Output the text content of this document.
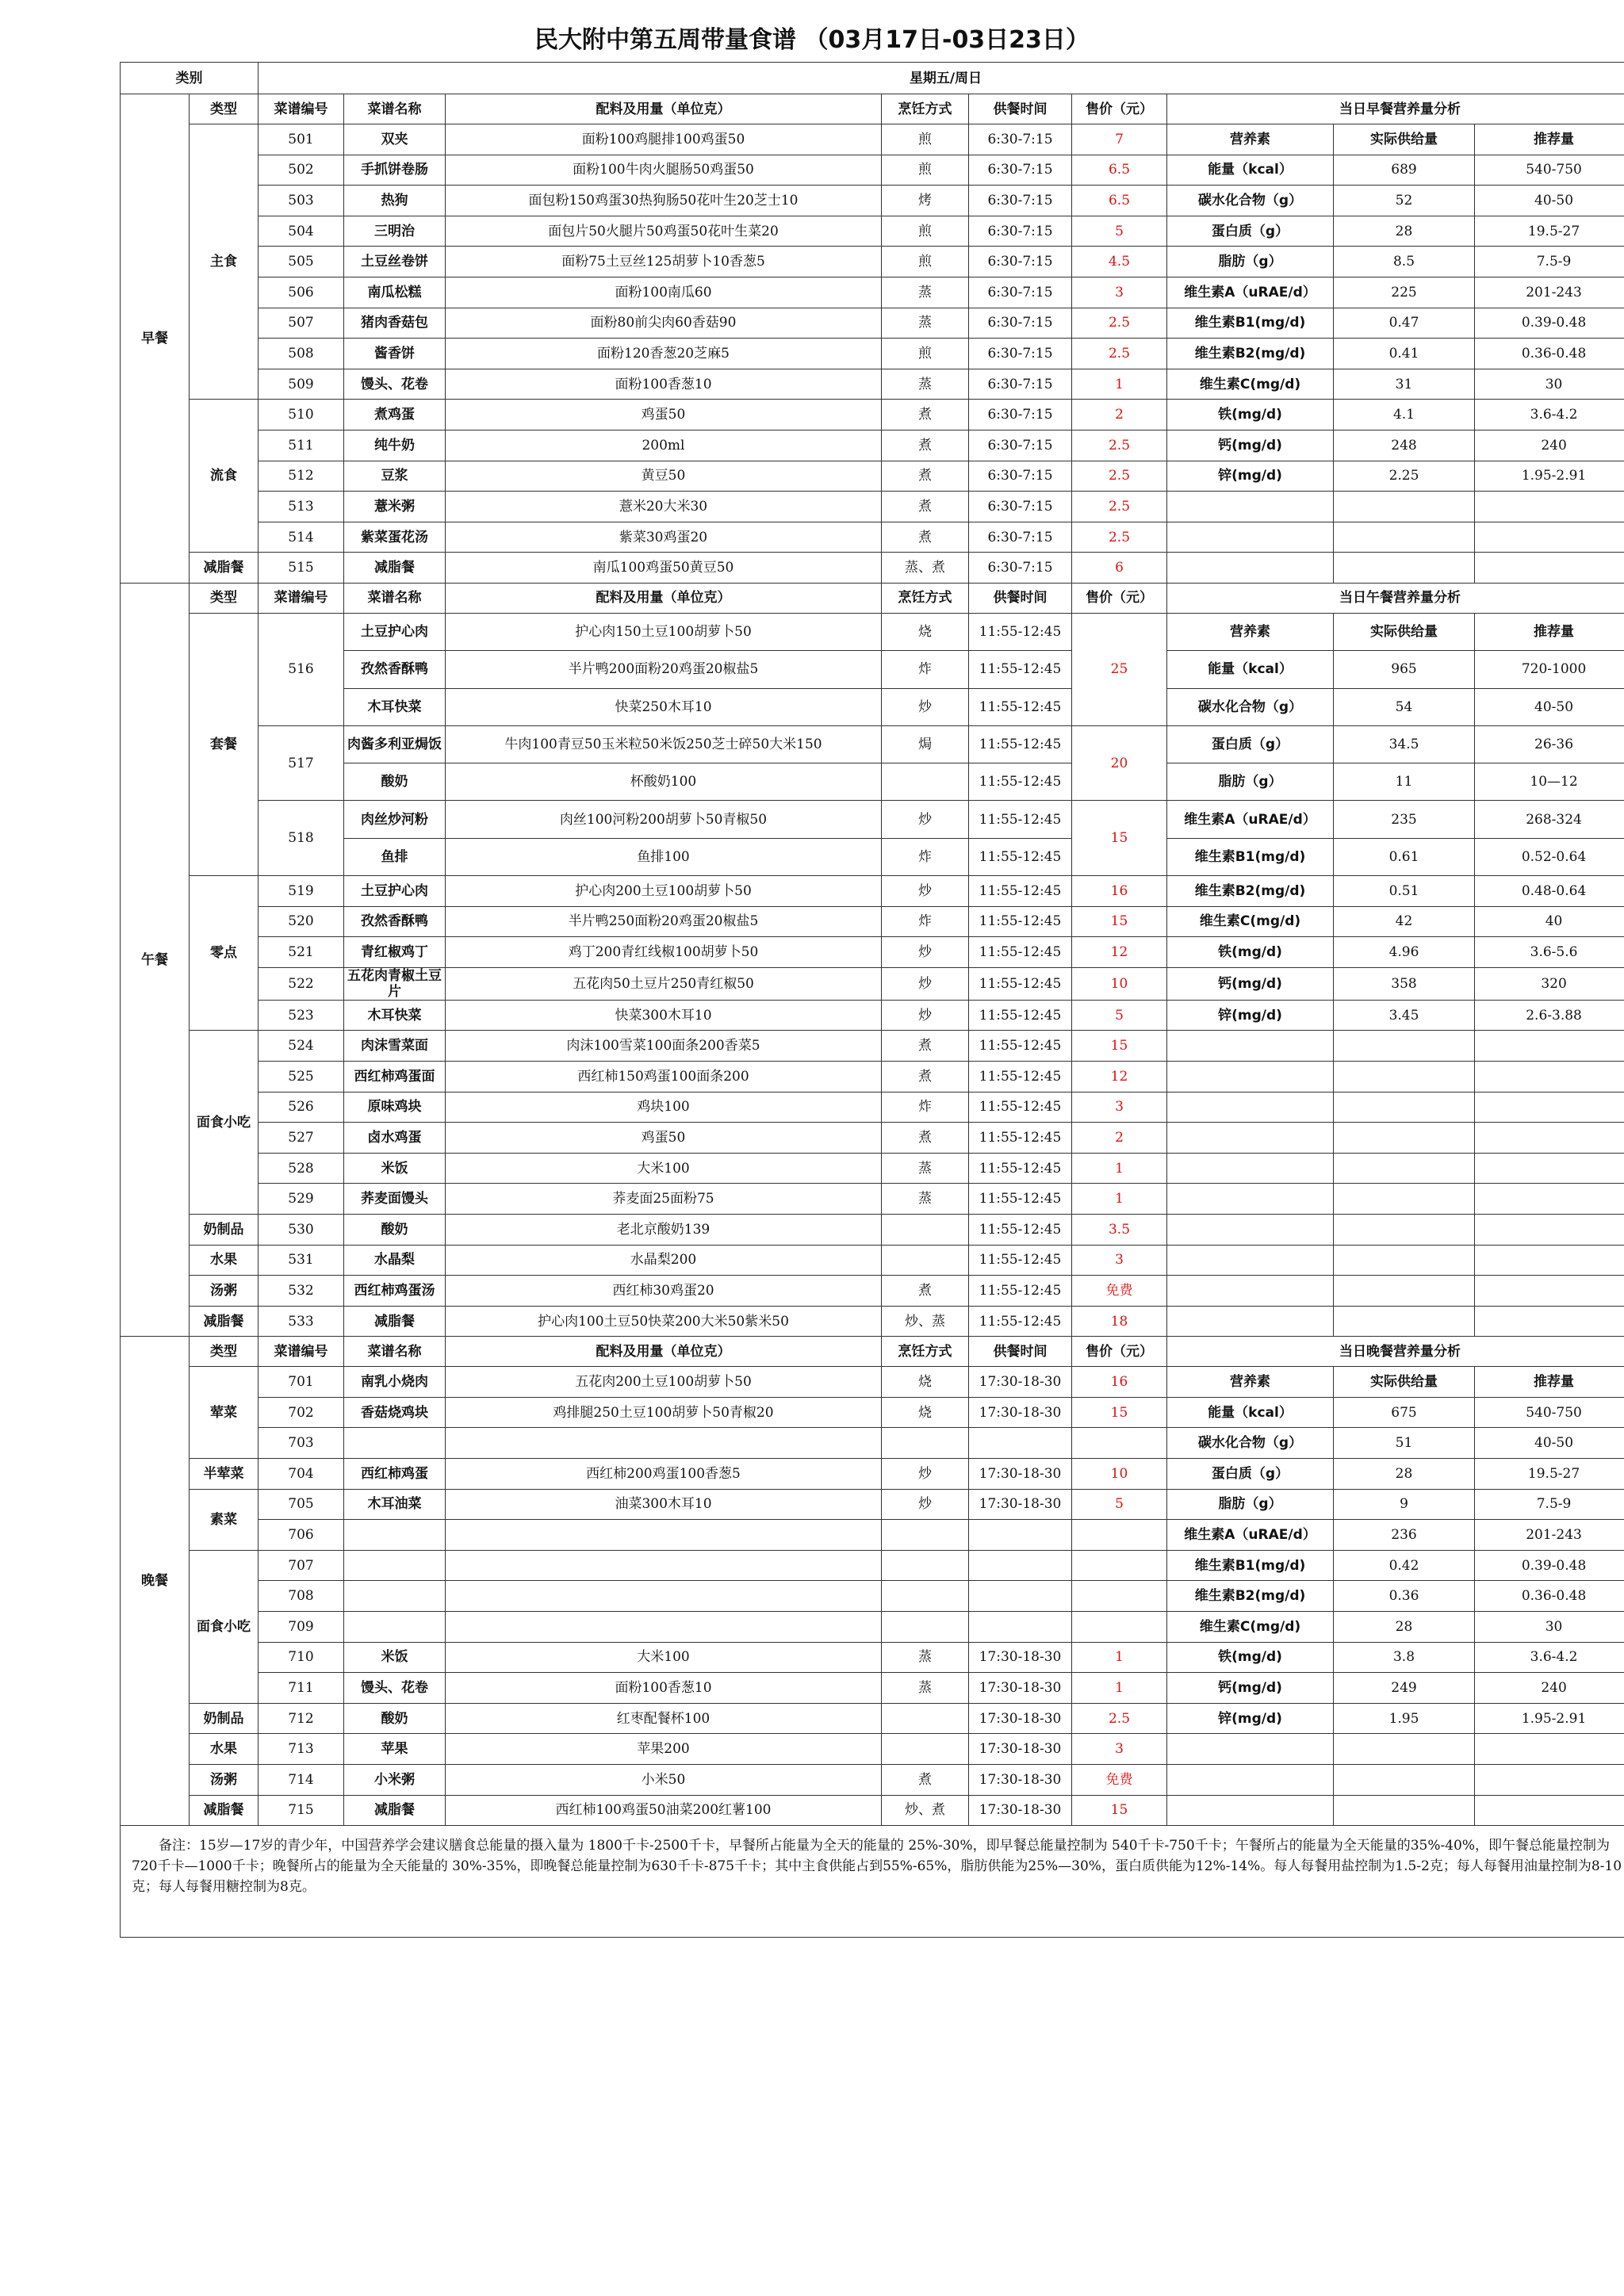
民大附中第五周带量食谱 （03月17日-03日23日）
类别		星期五/周日								
早餐	类型	菜谱编号	菜谱名称	配料及用量（单位克）	烹饪方式	供餐时间	售价（元）	当日早餐营养量分析		
	主食	501	双夹	面粉100鸡腿排100鸡蛋50	煎	6:30-7:15	7	营养素	实际供给量	推荐量
		502	手抓饼卷肠	面粉100牛肉火腿肠50鸡蛋50	煎	6:30-7:15	6.5	能量（kcal）	689	540-750
		503	热狗	面包粉150鸡蛋30热狗肠50花叶生20芝士10	烤	6:30-7:15	6.5	碳水化合物（g）	52	40-50
		504	三明治	面包片50火腿片50鸡蛋50花叶生菜20	煎	6:30-7:15	5	蛋白质（g）	28	19.5-27
		505	土豆丝卷饼	面粉75土豆丝125胡萝卜10香葱5	煎	6:30-7:15	4.5	脂肪（g）	8.5	7.5-9
		506	南瓜松糕	面粉100南瓜60	蒸	6:30-7:15	3	维生素A（uRAE/d）	225	201-243
		507	猪肉香菇包	面粉80前尖肉60香菇90	蒸	6:30-7:15	2.5	维生素B1(mg/d)	0.47	0.39-0.48
		508	酱香饼	面粉120香葱20芝麻5	煎	6:30-7:15	2.5	维生素B2(mg/d)	0.41	0.36-0.48
		509	馒头、花卷	面粉100香葱10	蒸	6:30-7:15	1	维生素C(mg/d)	31	30
	流食	510	煮鸡蛋	鸡蛋50	煮	6:30-7:15	2	铁(mg/d)	4.1	3.6-4.2
		511	纯牛奶	200ml	煮	6:30-7:15	2.5	钙(mg/d)	248	240
		512	豆浆	黄豆50	煮	6:30-7:15	2.5	锌(mg/d)	2.25	1.95-2.91
		513	薏米粥	薏米20大米30	煮	6:30-7:15	2.5			
		514	紫菜蛋花汤	紫菜30鸡蛋20	煮	6:30-7:15	2.5			
	减脂餐	515	减脂餐	南瓜100鸡蛋50黄豆50	蒸、煮	6:30-7:15	6			
午餐	类型	菜谱编号	菜谱名称	配料及用量（单位克）	烹饪方式	供餐时间	售价（元）	当日午餐营养量分析		
	套餐	516	土豆护心肉	护心肉150土豆100胡萝卜50	烧	11:55-12:45	25	营养素	实际供给量	推荐量
			孜然香酥鸭	半片鸭200面粉20鸡蛋20椒盐5	炸	11:55-12:45		能量（kcal）	965	720-1000
			木耳快菜	快菜250木耳10	炒	11:55-12:45		碳水化合物（g）	54	40-50
		517	肉酱多利亚焗饭	牛肉100青豆50玉米粒50米饭250芝士碎50大米150	焗	11:55-12:45	20	蛋白质（g）	34.5	26-36
			酸奶	杯酸奶100		11:55-12:45		脂肪（g）	11	10—12
		518	肉丝炒河粉	肉丝100河粉200胡萝卜50青椒50	炒	11:55-12:45	15	维生素A（uRAE/d）	235	268-324
			鱼排	鱼排100	炸	11:55-12:45		维生素B1(mg/d)	0.61	0.52-0.64
	零点	519	土豆护心肉	护心肉200土豆100胡萝卜50	炒	11:55-12:45	16	维生素B2(mg/d)	0.51	0.48-0.64
		520	孜然香酥鸭	半片鸭250面粉20鸡蛋20椒盐5	炸	11:55-12:45	15	维生素C(mg/d)	42	40
		521	青红椒鸡丁	鸡丁200青红线椒100胡萝卜50	炒	11:55-12:45	12	铁(mg/d)	4.96	3.6-5.6
		522	五花肉青椒土豆片	五花肉50土豆片250青红椒50	炒	11:55-12:45	10	钙(mg/d)	358	320
		523	木耳快菜	快菜300木耳10	炒	11:55-12:45	5	锌(mg/d)	3.45	2.6-3.88
	面食小吃	524	肉沫雪菜面	肉沫100雪菜100面条200香菜5	煮	11:55-12:45	15			
		525	西红柿鸡蛋面	西红柿150鸡蛋100面条200	煮	11:55-12:45	12			
		526	原味鸡块	鸡块100	炸	11:55-12:45	3			
		527	卤水鸡蛋	鸡蛋50	煮	11:55-12:45	2			
		528	米饭	大米100	蒸	11:55-12:45	1			
		529	荞麦面馒头	荞麦面25面粉75	蒸	11:55-12:45	1			
	奶制品	530	酸奶	老北京酸奶139		11:55-12:45	3.5			
	水果	531	水晶梨	水晶梨200		11:55-12:45	3			
	汤粥	532	西红柿鸡蛋汤	西红柿30鸡蛋20	煮	11:55-12:45	免费			
	减脂餐	533	减脂餐	护心肉100土豆50快菜200大米50紫米50	炒、蒸	11:55-12:45	18			
晚餐	类型	菜谱编号	菜谱名称	配料及用量（单位克）	烹饪方式	供餐时间	售价（元）	当日晚餐营养量分析		
	荤菜	701	南乳小烧肉	五花肉200土豆100胡萝卜50	烧	17:30-18-30	16	营养素	实际供给量	推荐量
		702	香菇烧鸡块	鸡排腿250土豆100胡萝卜50青椒20	烧	17:30-18-30	15	能量（kcal）	675	540-750
		703						碳水化合物（g）	51	40-50
	半荤菜	704	西红柿鸡蛋	西红柿200鸡蛋100香葱5	炒	17:30-18-30	10	蛋白质（g）	28	19.5-27
	素菜	705	木耳油菜	油菜300木耳10	炒	17:30-18-30	5	脂肪（g）	9	7.5-9
		706						维生素A（uRAE/d）	236	201-243
	面食小吃	707						维生素B1(mg/d)	0.42	0.39-0.48
		708						维生素B2(mg/d)	0.36	0.36-0.48
		709						维生素C(mg/d)	28	30
		710	米饭	大米100	蒸	17:30-18-30	1	铁(mg/d)	3.8	3.6-4.2
		711	馒头、花卷	面粉100香葱10	蒸	17:30-18-30	1	钙(mg/d)	249	240
	奶制品	712	酸奶	红枣配餐杯100		17:30-18-30	2.5	锌(mg/d)	1.95	1.95-2.91
	水果	713	苹果	苹果200		17:30-18-30	3			
	汤粥	714	小米粥	小米50	煮	17:30-18-30	免费			
	减脂餐	715	减脂餐	西红柿100鸡蛋50油菜200红薯100	炒、煮	17:30-18-30	15			

备注：15岁—17岁的青少年，中国营养学会建议膳食总能量的摄入量为 1800千卡-2500千卡，早餐所占能量为全天的能量的 25%-30%，即早餐总能量控制为 540千卡-750千卡；午餐所占的能量为全天能量的35%-40%，即午餐总能量控制为720千卡—1000千卡；晚餐所占的能量为全天能量的 30%-35%，即晚餐总能量控制为630千卡-875千卡；其中主食供能占到55%-65%，脂肪供能为25%—30%，蛋白质供能为12%-14%。每人每餐用盐控制为1.5-2克；每人每餐用油量控制为8-10克；每人每餐用糖控制为8克。										
